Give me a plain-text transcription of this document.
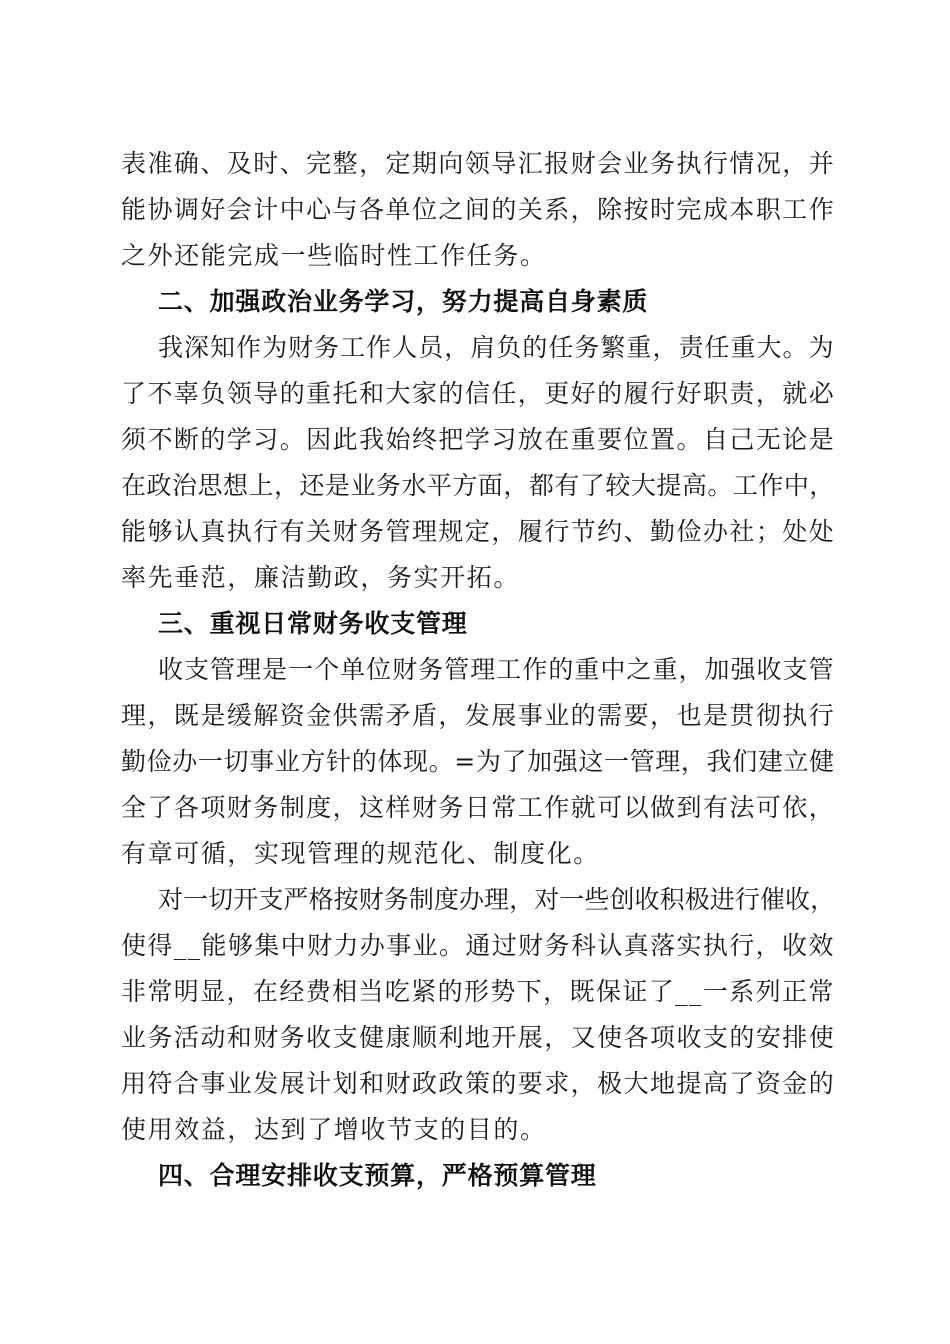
表准确、及时、完整，定期向领导汇报财会业务执行情况，并
能协调好会计中心与各单位之间的关系，除按时完成本职工作
之外还能完成一些临时性工作任务。
二、加强政治业务学习，努力提高自身素质
我深知作为财务工作人员，肩负的任务繁重，责任重大。为
了不辜负领导的重托和大家的信任，更好的履行好职责，就必
须不断的学习。因此我始终把学习放在重要位置。自己无论是
在政治思想上，还是业务水平方面，都有了较大提高。工作中，
能够认真执行有关财务管理规定，履行节约、勤俭办社；处处
率先垂范，廉洁勤政，务实开拓。
三、重视日常财务收支管理
收支管理是一个单位财务管理工作的重中之重，加强收支管
理，既是缓解资金供需矛盾，发展事业的需要，也是贯彻执行
勤俭办一切事业方针的体现。=为了加强这一管理，我们建立健
全了各项财务制度，这样财务日常工作就可以做到有法可依，
有章可循，实现管理的规范化、制度化。
对一切开支严格按财务制度办理，对一些创收积极进行催收，
使得__能够集中财力办事业。通过财务科认真落实执行，收效
非常明显，在经费相当吃紧的形势下，既保证了__一系列正常
业务活动和财务收支健康顺利地开展，又使各项收支的安排使
用符合事业发展计划和财政政策的要求，极大地提高了资金的
使用效益，达到了增收节支的目的。
四、合理安排收支预算，严格预算管理
